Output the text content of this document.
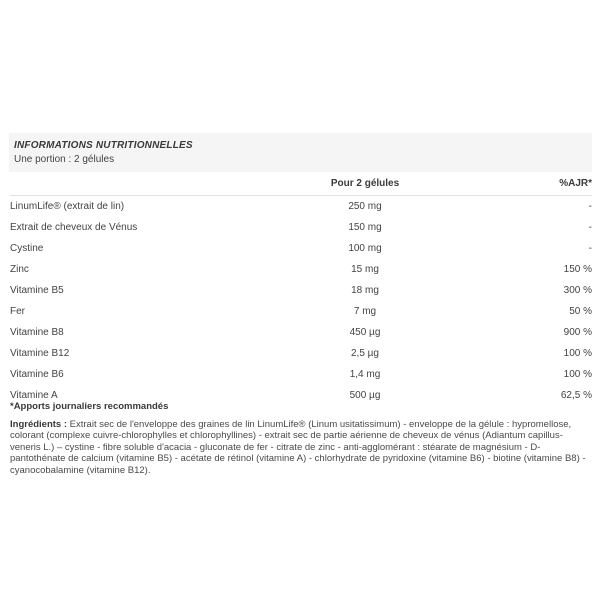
INFORMATIONS NUTRITIONNELLES
Une portion : 2 gélules
Pour 2 gélules	%AJR*
LinumLife® (extrait de lin)	250 mg	-
Extrait de cheveux de Vénus	150 mg	-
Cystine	100 mg	-
Zinc	15 mg	150 %
Vitamine B5	18 mg	300 %
Fer	7 mg	50 %
Vitamine B8	450 µg	900 %
Vitamine B12	2,5 µg	100 %
Vitamine B6	1,4 mg	100 %
Vitamine A	500 µg	62,5 %
*Apports journaliers recommandés
Ingrédients : Extrait sec de l'enveloppe des graines de lin LinumLife® (Linum usitatissimum) - enveloppe de la gélule : hypromellose, colorant (complexe cuivre-chlorophylles et chlorophyllines) - extrait sec de partie aérienne de cheveux de vénus (Adiantum capillus-veneris L.) – cystine - fibre soluble d'acacia - gluconate de fer - citrate de zinc - anti-agglomérant : stéarate de magnésium - D-pantothénate de calcium (vitamine B5) - acétate de rétinol (vitamine A) - chlorhydrate de pyridoxine (vitamine B6) - biotine (vitamine B8) - cyanocobalamine (vitamine B12).
